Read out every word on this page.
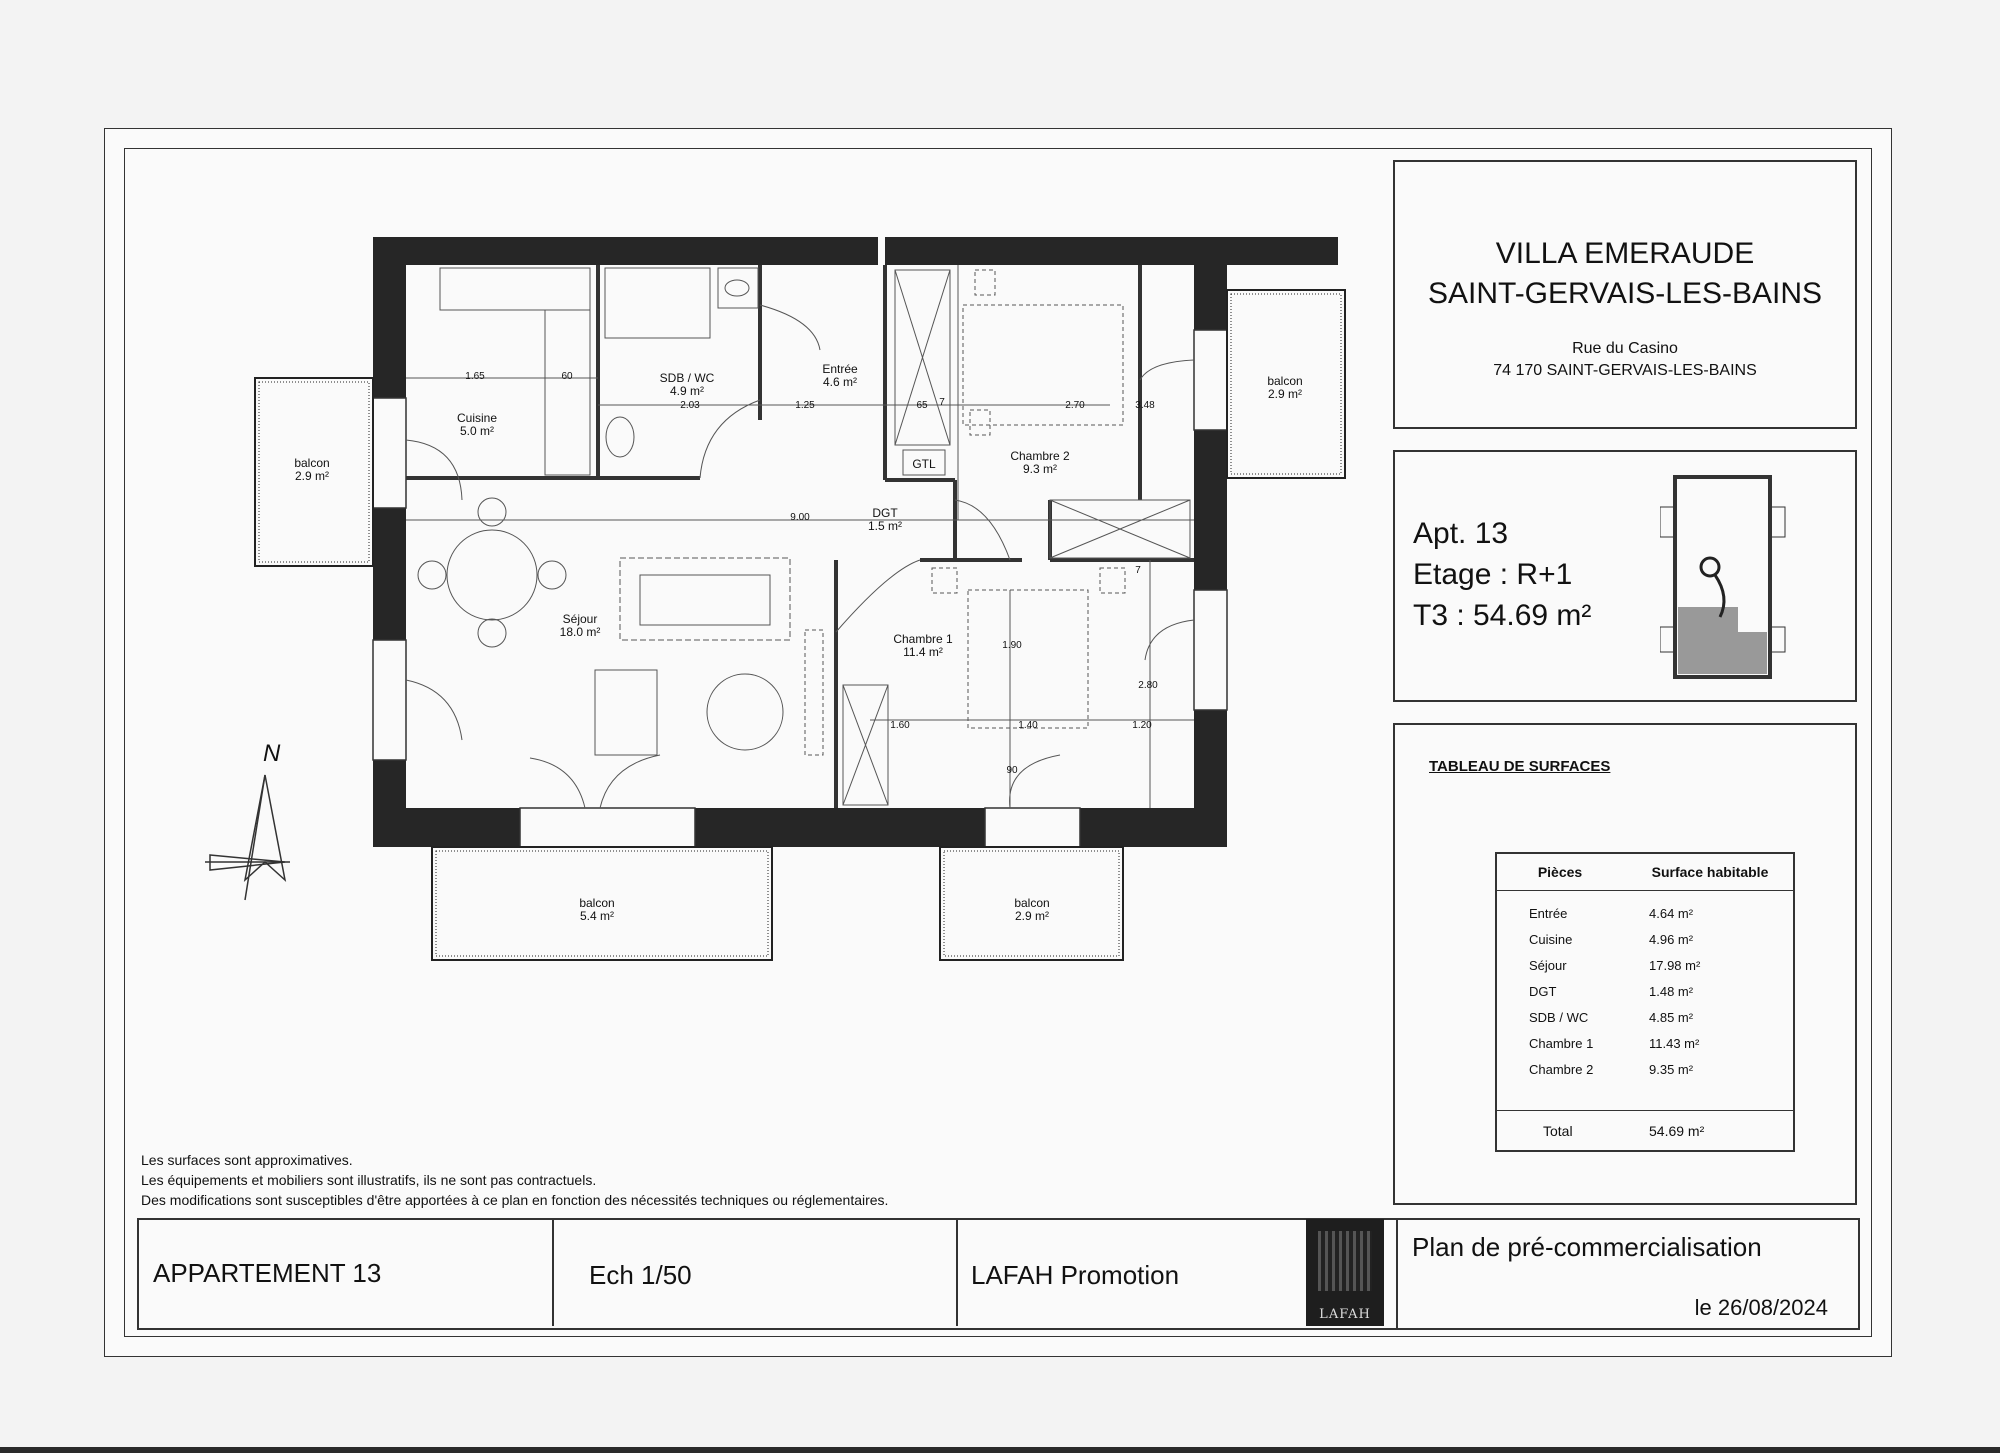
Cuisine
5.0 m²
SDB / WC
4.9 m²
Entrée
4.6 m²
Chambre 2
9.3 m²
DGT
1.5 m²
Séjour
18.0 m²	Chambre 1
11.4 m²
GTL
balcon
2.9 m²
balcon
2.9 m²
balcon
5.4 m²
balcon
2.9 m²
1.65	60
2.03	1.25	65	2.70	3.48
9.00
1.60	1.40	1.20
1.90
2.80
90
7
7
N
VILLA EMERAUDE
SAINT-GERVAIS-LES-BAINS
Rue du Casino
74 170 SAINT-GERVAIS-LES-BAINS
Apt. 13
Etage : R+1
T3 : 54.69 m²
TABLEAU DE SURFACES
Pièces	Surface habitable
Entrée	4.64 m²
Cuisine	4.96 m²
Séjour	17.98 m²
DGT	1.48 m²
SDB / WC	4.85 m²
Chambre 1	11.43 m²
Chambre 2	9.35 m²
Total	54.69 m²
Les surfaces sont approximatives.
Les équipements et mobiliers sont illustratifs, ils ne sont pas contractuels.
Des modifications sont susceptibles d'être apportées à ce plan en fonction des nécessités techniques ou réglementaires.
APPARTEMENT 13	Ech 1/50	LAFAH Promotion
LAFAH
Plan de pré-commercialisation
le 26/08/2024
